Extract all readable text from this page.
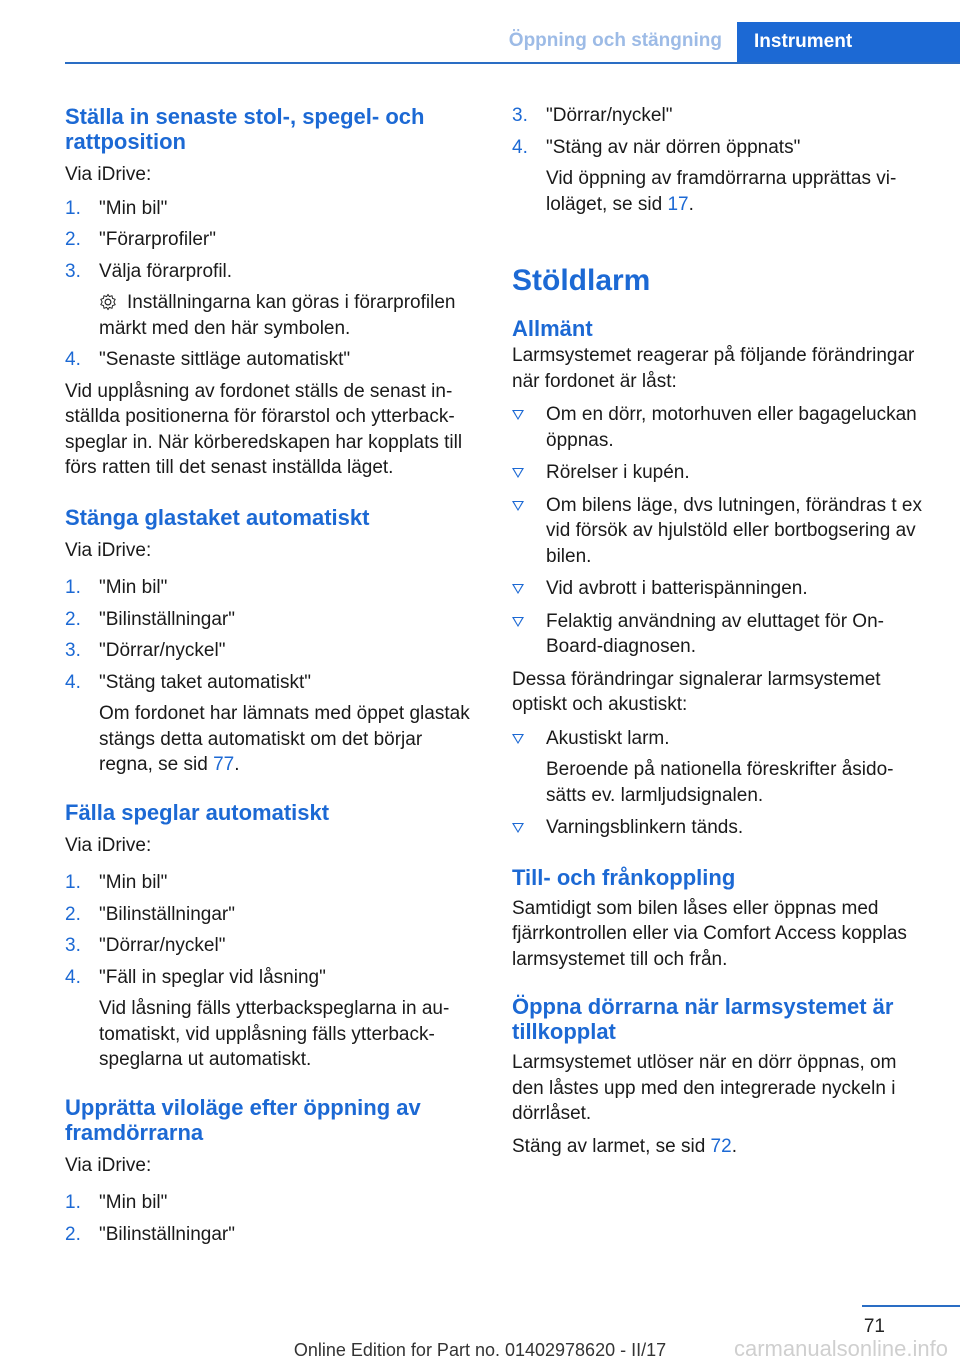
Öppning och stängning	Instrument
Ställa in senaste stol-, spegel- och rattposition

Via iDrive:

1. "Min bil"
2. "Förarprofiler"
3. Välja förarprofil.
Inställningarna kan göras i förarprofilen märkt med den här symbolen.
4. "Senaste sittläge automatiskt"

Vid upplåsning av fordonet ställs de senast inställda positionerna för förarstol och ytterbackspeglar in. När körberedskapen har kopplats till förs ratten till det senast inställda läget.

Stänga glastaket automatiskt

Via iDrive:

1. "Min bil"
2. "Bilinställningar"
3. "Dörrar/nyckel"
4. "Stäng taket automatiskt"
Om fordonet har lämnats med öppet glastak stängs detta automatiskt om det börjar regna, se sid 77.
Fälla speglar automatiskt

Via iDrive:

1. "Min bil"
2. "Bilinställningar"
3. "Dörrar/nyckel"
4. "Fäll in speglar vid låsning"
Vid låsning fälls ytterbackspeglarna in automatiskt, vid upplåsning fälls ytterbackspeglarna ut automatiskt.
Upprätta viloläge efter öppning av framdörrarna

Via iDrive:

1. "Min bil"
2. "Bilinställningar"
3. "Dörrar/nyckel"
4. "Stäng av när dörren öppnats"
Vid öppning av framdörrarna upprättas viloläget, se sid 17.
Stöldlarm
Allmänt

Larmsystemet reagerar på följande förändringar när fordonet är låst:

Om en dörr, motorhuven eller bagageluckan öppnas.
Rörelser i kupén.
Om bilens läge, dvs lutningen, förändras t ex vid försök av hjulstöld eller bortbogsering av bilen.
Vid avbrott i batterispänningen.
Felaktig användning av eluttaget för On-Board-diagnosen.

Dessa förändringar signalerar larmsystemet optiskt och akustiskt:

Akustiskt larm.
Beroende på nationella föreskrifter åsidosätts ev. larmljudsignalen.
Varningsblinkern tänds.
Till- och frånkoppling

Samtidigt som bilen låses eller öppnas med fjärrkontrollen eller via Comfort Access kopplas larmsystemet till och från.

Öppna dörrarna när larmsystemet är tillkopplat

Larmsystemet utlöser när en dörr öppnas, om den låstes upp med den integrerade nyckeln i dörrlåset.

Stäng av larmet, se sid 72.

71
Online Edition for Part no. 01402978620 - II/17	carmanualsonline.info
